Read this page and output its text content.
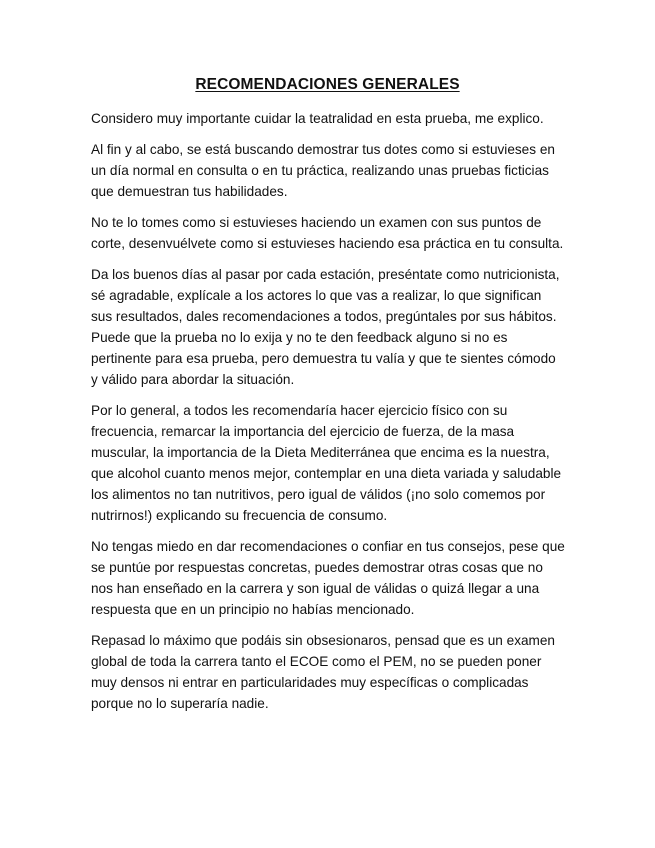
RECOMENDACIONES GENERALES

Considero muy importante cuidar la teatralidad en esta prueba, me explico.

Al fin y al cabo, se está buscando demostrar tus dotes como si estuvieses en un día normal en consulta o en tu práctica, realizando unas pruebas ficticias que demuestran tus habilidades.

No te lo tomes como si estuvieses haciendo un examen con sus puntos de corte, desenvuélvete como si estuvieses haciendo esa práctica en tu consulta.

Da los buenos días al pasar por cada estación, preséntate como nutricionista, sé agradable, explícale a los actores lo que vas a realizar, lo que significan sus resultados, dales recomendaciones a todos, pregúntales por sus hábitos. Puede que la prueba no lo exija y no te den feedback alguno si no es pertinente para esa prueba, pero demuestra tu valía y que te sientes cómodo y válido para abordar la situación.

Por lo general, a todos les recomendaría hacer ejercicio físico con su frecuencia, remarcar la importancia del ejercicio de fuerza, de la masa muscular, la importancia de la Dieta Mediterránea que encima es la nuestra, que alcohol cuanto menos mejor, contemplar en una dieta variada y saludable los alimentos no tan nutritivos, pero igual de válidos (¡no solo comemos por nutrirnos!) explicando su frecuencia de consumo.

No tengas miedo en dar recomendaciones o confiar en tus consejos, pese que se puntúe por respuestas concretas, puedes demostrar otras cosas que no nos han enseñado en la carrera y son igual de válidas o quizá llegar a una respuesta que en un principio no habías mencionado.

Repasad lo máximo que podáis sin obsesionaros, pensad que es un examen global de toda la carrera tanto el ECOE como el PEM, no se pueden poner muy densos ni entrar en particularidades muy específicas o complicadas porque no lo superaría nadie.
